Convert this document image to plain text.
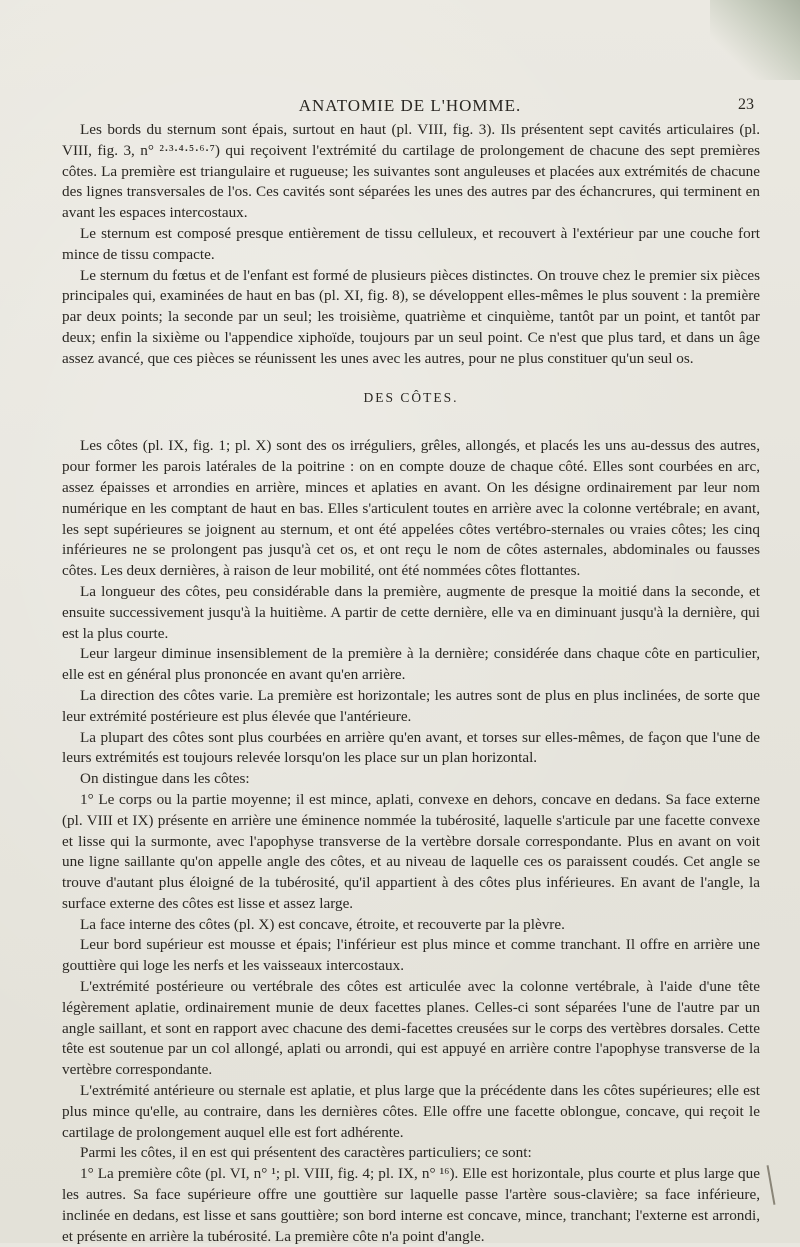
ANATOMIE DE L'HOMME.	23

Les bords du sternum sont épais, surtout en haut (pl. VIII, fig. 3). Ils présentent sept cavités articulaires (pl. VIII, fig. 3, n° ²·³·⁴·⁵·⁶·⁷) qui reçoivent l'extrémité du cartilage de prolongement de chacune des sept premières côtes. La première est triangulaire et rugueuse; les suivantes sont anguleuses et placées aux extrémités de chacune des lignes transversales de l'os. Ces cavités sont séparées les unes des autres par des échancrures, qui terminent en avant les espaces intercostaux.

Le sternum est composé presque entièrement de tissu celluleux, et recouvert à l'extérieur par une couche fort mince de tissu compacte.

Le sternum du fœtus et de l'enfant est formé de plusieurs pièces distinctes. On trouve chez le premier six pièces principales qui, examinées de haut en bas (pl. XI, fig. 8), se développent elles-mêmes le plus souvent : la première par deux points; la seconde par un seul; les troisième, quatrième et cinquième, tantôt par un point, et tantôt par deux; enfin la sixième ou l'appendice xiphoïde, toujours par un seul point. Ce n'est que plus tard, et dans un âge assez avancé, que ces pièces se réunissent les unes avec les autres, pour ne plus constituer qu'un seul os.

DES CÔTES.

Les côtes (pl. IX, fig. 1; pl. X) sont des os irréguliers, grêles, allongés, et placés les uns au-dessus des autres, pour former les parois latérales de la poitrine : on en compte douze de chaque côté. Elles sont courbées en arc, assez épaisses et arrondies en arrière, minces et aplaties en avant. On les désigne ordinairement par leur nom numérique en les comptant de haut en bas. Elles s'articulent toutes en arrière avec la colonne vertébrale; en avant, les sept supérieures se joignent au sternum, et ont été appelées côtes vertébro-sternales ou vraies côtes; les cinq inférieures ne se prolongent pas jusqu'à cet os, et ont reçu le nom de côtes asternales, abdominales ou fausses côtes. Les deux dernières, à raison de leur mobilité, ont été nommées côtes flottantes.

La longueur des côtes, peu considérable dans la première, augmente de presque la moitié dans la seconde, et ensuite successivement jusqu'à la huitième. A partir de cette dernière, elle va en diminuant jusqu'à la dernière, qui est la plus courte.

Leur largeur diminue insensiblement de la première à la dernière; considérée dans chaque côte en particulier, elle est en général plus prononcée en avant qu'en arrière.

La direction des côtes varie. La première est horizontale; les autres sont de plus en plus inclinées, de sorte que leur extrémité postérieure est plus élevée que l'antérieure.

La plupart des côtes sont plus courbées en arrière qu'en avant, et torses sur elles-mêmes, de façon que l'une de leurs extrémités est toujours relevée lorsqu'on les place sur un plan horizontal.

On distingue dans les côtes:

1° Le corps ou la partie moyenne; il est mince, aplati, convexe en dehors, concave en dedans. Sa face externe (pl. VIII et IX) présente en arrière une éminence nommée la tubérosité, laquelle s'articule par une facette convexe et lisse qui la surmonte, avec l'apophyse transverse de la vertèbre dorsale correspondante. Plus en avant on voit une ligne saillante qu'on appelle angle des côtes, et au niveau de laquelle ces os paraissent coudés. Cet angle se trouve d'autant plus éloigné de la tubérosité, qu'il appartient à des côtes plus inférieures. En avant de l'angle, la surface externe des côtes est lisse et assez large.

La face interne des côtes (pl. X) est concave, étroite, et recouverte par la plèvre.

Leur bord supérieur est mousse et épais; l'inférieur est plus mince et comme tranchant. Il offre en arrière une gouttière qui loge les nerfs et les vaisseaux intercostaux.

L'extrémité postérieure ou vertébrale des côtes est articulée avec la colonne vertébrale, à l'aide d'une tête légèrement aplatie, ordinairement munie de deux facettes planes. Celles-ci sont séparées l'une de l'autre par un angle saillant, et sont en rapport avec chacune des demi-facettes creusées sur le corps des vertèbres dorsales. Cette tête est soutenue par un col allongé, aplati ou arrondi, qui est appuyé en arrière contre l'apophyse transverse de la vertèbre correspondante.

L'extrémité antérieure ou sternale est aplatie, et plus large que la précédente dans les côtes supérieures; elle est plus mince qu'elle, au contraire, dans les dernières côtes. Elle offre une facette oblongue, concave, qui reçoit le cartilage de prolongement auquel elle est fort adhérente.

Parmi les côtes, il en est qui présentent des caractères particuliers; ce sont:

1° La première côte (pl. VI, n° ¹; pl. VIII, fig. 4; pl. IX, n° ¹⁶). Elle est horizontale, plus courte et plus large que les autres. Sa face supérieure offre une gouttière sur laquelle passe l'artère sous-clavière; sa face inférieure, inclinée en dedans, est lisse et sans gouttière; son bord interne est concave, mince, tranchant; l'externe est arrondi, et présente en arrière la tubérosité. La première côte n'a point d'angle.
